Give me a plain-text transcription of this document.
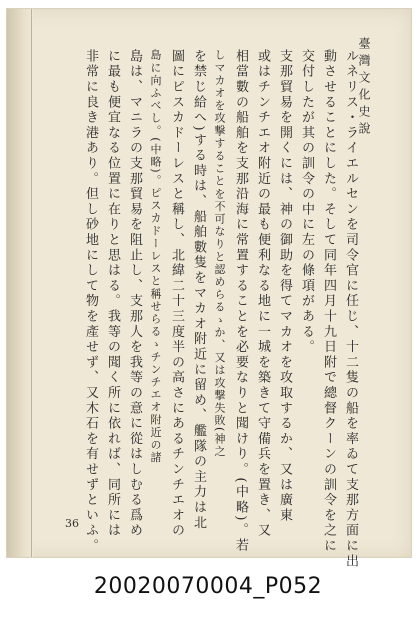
臺灣文化史說

ルネリス・ライエルセンを司令官に任じ、十二隻の船を率ゐて支那方面に出

動させることにした。そして同年四月十九日附で總督クーンの訓令を之に

交付したが其の訓令の中に左の條項がある。

支那貿易を開くには、神の御助を得てマカオを攻取するか、又は廣東

或はチンチエオ附近の最も便利なる地に一城を築きて守備兵を置き、又

相當數の船舶を支那沿海に常置することを必要なりと聞けり。(中略)。若

しマカオを攻撃することを不可なりと認めらるゝか、又は攻撃失敗(神之

を禁じ給へ)する時は、船舶數隻をマカオ附近に留め、艦隊の主力は北

圖にピスカドーレスと稱し、北緯二十三度半の高さにあるチンチエオの

島に向ふべし。(中略)。ピスカドーレスと稱せらるゝチンチエオ附近の諸

島は、マニラの支那貿易を阻止し、支那人を我等の意に從はしむる爲め

に最も便宜なる位置に在りと思はる。我等の聞く所に依れば、同所には

非常に良き港あり。但し砂地にして物を產せず、又木石を有せずといふ。

36
20020070004_P052
